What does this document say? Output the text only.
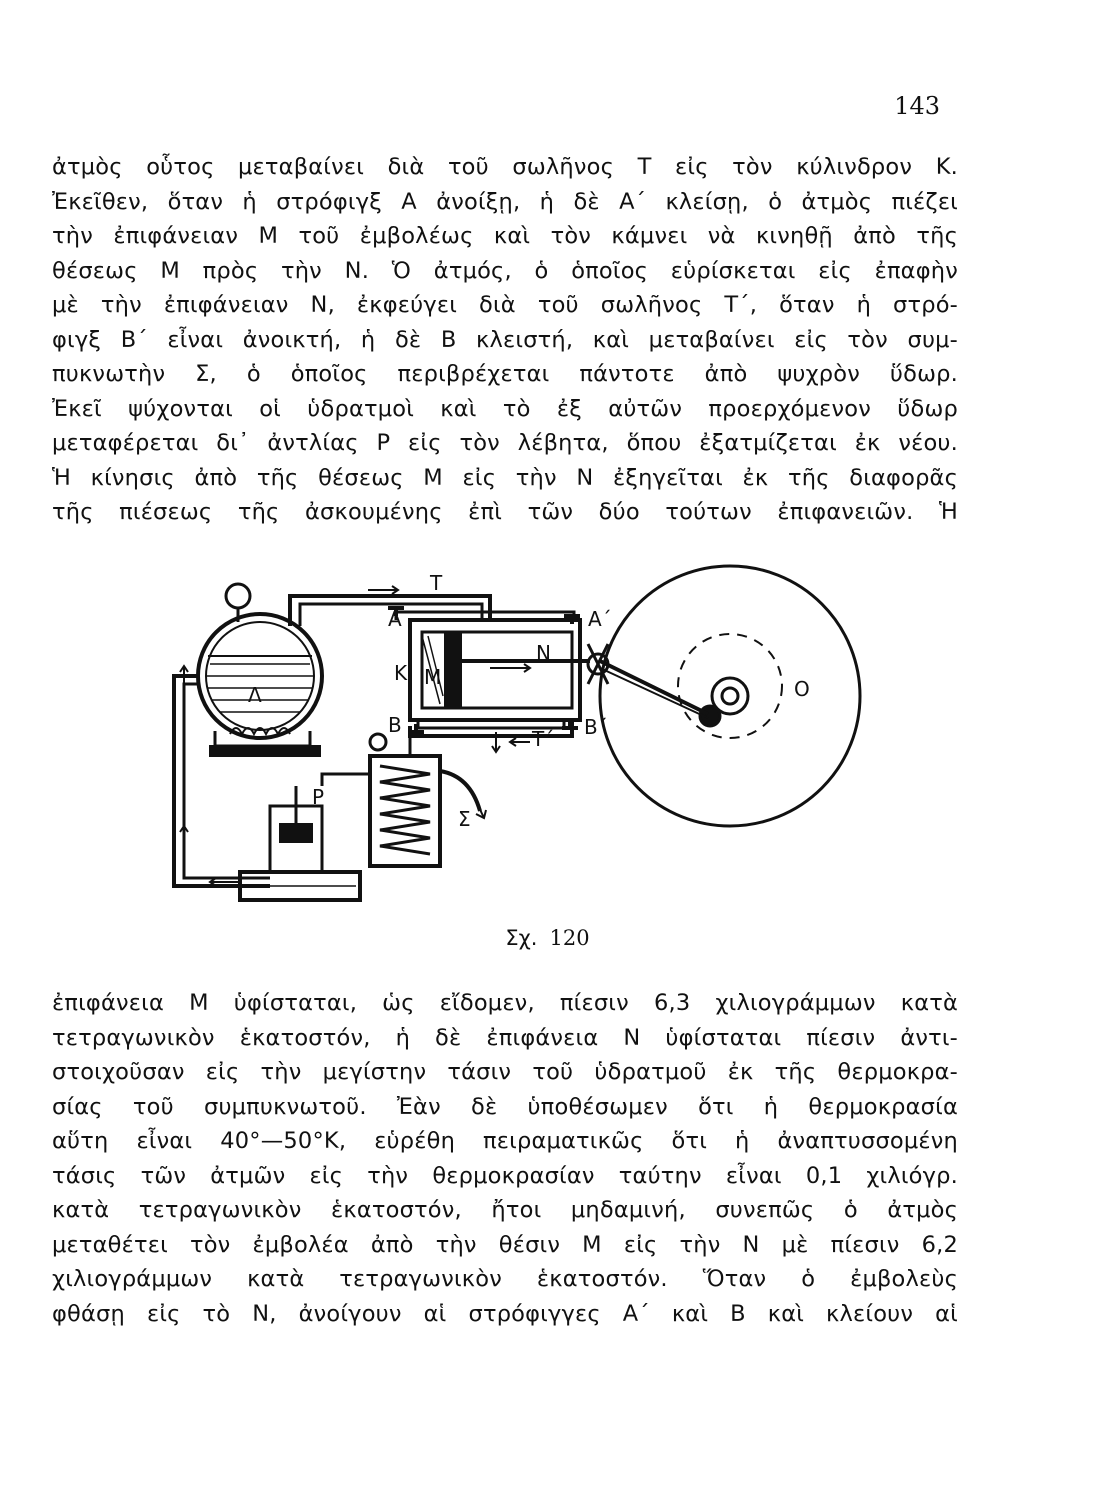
143
ἀτμὸς οὗτος μεταβαίνει διὰ τοῦ σωλῆνος Τ εἰς τὸν κύλινδρον Κ.
Ἐκεῖθεν, ὅταν ἡ στρόφιγξ Α ἀνοίξῃ, ἡ δὲ Α΄ κλείσῃ, ὁ ἀτμὸς πιέζει
τὴν ἐπιφάνειαν Μ τοῦ ἐμβολέως καὶ τὸν κάμνει νὰ κινηθῇ ἀπὸ τῆς
θέσεως Μ πρὸς τὴν Ν. Ὁ ἀτμός, ὁ ὁποῖος εὑρίσκεται εἰς ἐπαφὴν
μὲ τὴν ἐπιφάνειαν Ν, ἐκφεύγει διὰ τοῦ σωλῆνος Τ΄, ὅταν ἡ στρό-
φιγξ Β΄ εἶναι ἀνοικτή, ἡ δὲ Β κλειστή, καὶ μεταβαίνει εἰς τὸν συμ-
πυκνωτὴν Σ, ὁ ὁποῖος περιβρέχεται πάντοτε ἀπὸ ψυχρὸν ὕδωρ.
Ἐκεῖ ψύχονται οἱ ὑδρατμοὶ καὶ τὸ ἐξ αὐτῶν προερχόμενον ὕδωρ
μεταφέρεται δι᾽ ἀντλίας Ρ εἰς τὸν λέβητα, ὅπου ἐξατμίζεται ἐκ νέου.
Ἡ κίνησις ἀπὸ τῆς θέσεως Μ εἰς τὴν Ν ἐξηγεῖται ἐκ τῆς διαφορᾶς
τῆς πιέσεως τῆς ἀσκουμένης ἐπὶ τῶν δύο τούτων ἐπιφανειῶν. Ἡ
T
A	A΄
K M
N
O
Λ
B	B΄
T΄
P
Σ
Σχ. 120
ἐπιφάνεια Μ ὑφίσταται, ὡς εἴδομεν, πίεσιν 6,3 χιλιογράμμων κατὰ
τετραγωνικὸν ἑκατοστόν, ἡ δὲ ἐπιφάνεια Ν ὑφίσταται πίεσιν ἀντι-
στοιχοῦσαν εἰς τὴν μεγίστην τάσιν τοῦ ὑδρατμοῦ ἐκ τῆς θερμοκρα-
σίας τοῦ συμπυκνωτοῦ. Ἐὰν δὲ ὑποθέσωμεν ὅτι ἡ θερμοκρασία
αὕτη εἶναι 40°—50°Κ, εὑρέθη πειραματικῶς ὅτι ἡ ἀναπτυσσομένη
τάσις τῶν ἀτμῶν εἰς τὴν θερμοκρασίαν ταύτην εἶναι 0,1 χιλιόγρ.
κατὰ τετραγωνικὸν ἑκατοστόν, ἤτοι μηδαμινή, συνεπῶς ὁ ἀτμὸς
μεταθέτει τὸν ἐμβολέα ἀπὸ τὴν θέσιν Μ εἰς τὴν Ν μὲ πίεσιν 6,2
χιλιογράμμων κατὰ τετραγωνικὸν ἑκατοστόν. Ὅταν ὁ ἐμβολεὺς
φθάσῃ εἰς τὸ Ν, ἀνοίγουν αἱ στρόφιγγες Α΄ καὶ Β καὶ κλείουν αἱ
